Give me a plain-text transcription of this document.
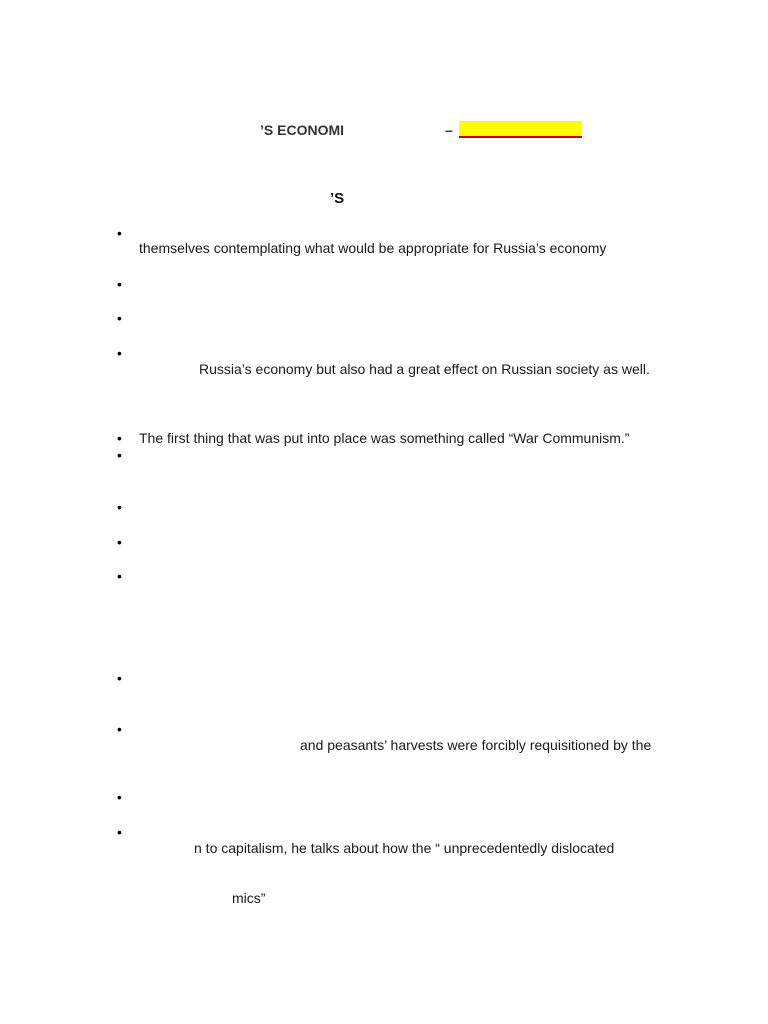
’S ECONOMI	–
’S
•
themselves contemplating what would be appropriate for Russia’s economy
•
•
•
Russia’s economy but also had a great effect on Russian society as well.
• The first thing that was put into place was something called “War Communism.”
•
•
•
•
•
•
and peasants’ harvests were forcibly requisitioned by the
•
•
n to capitalism, he talks about how the “ unprecedentedly dislocated
mics”
